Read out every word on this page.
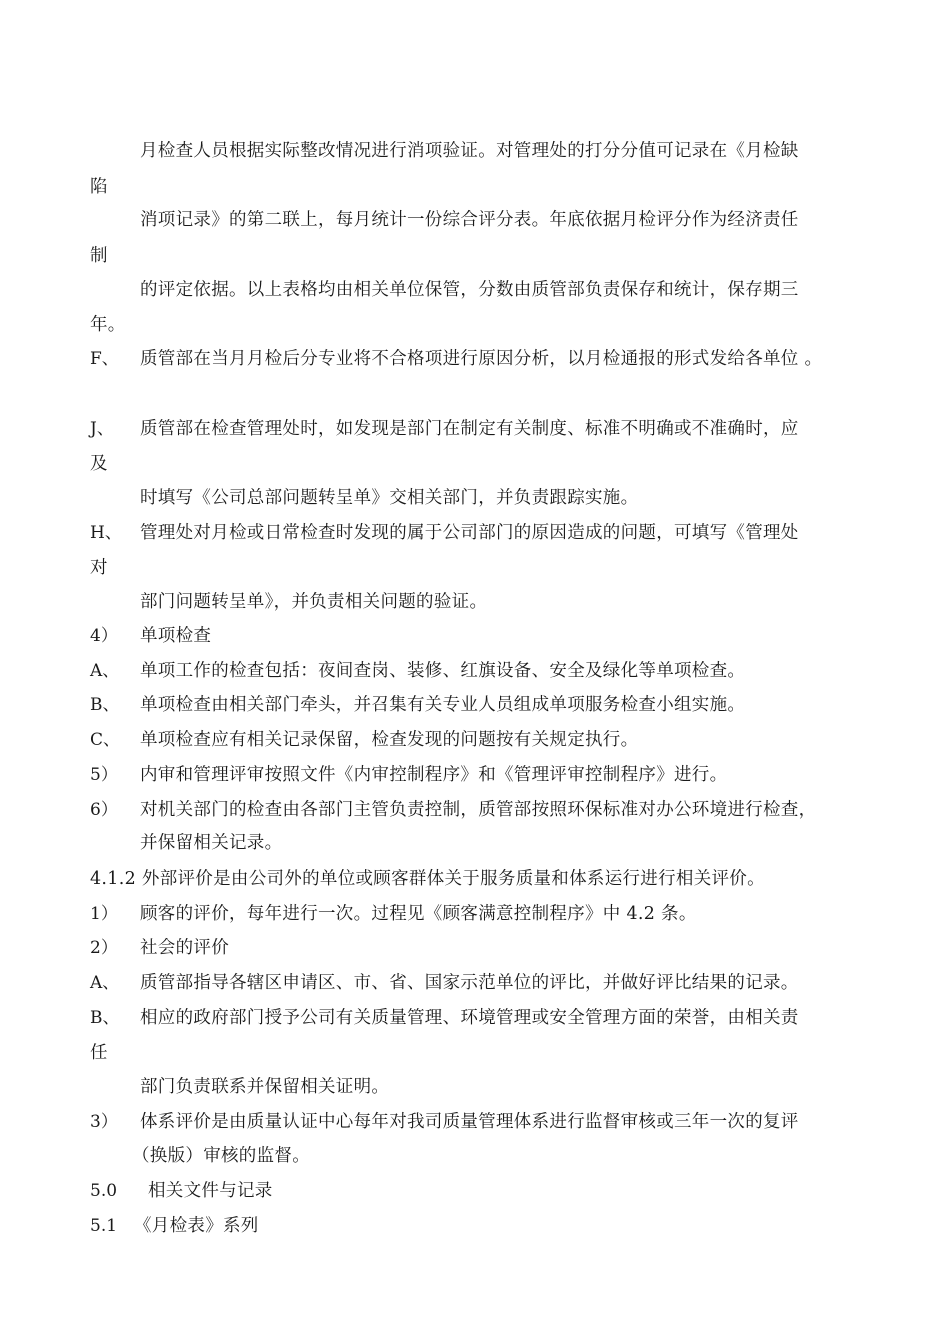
月检查人员根据实际整改情况进行消项验证。对管理处的打分分值可记录在《月检缺
陷
消项记录》的第二联上，每月统计一份综合评分表。年底依据月检评分作为经济责任
制
的评定依据。以上表格均由相关单位保管，分数由质管部负责保存和统计，保存期三
年。
F、 质管部在当月月检后分专业将不合格项进行原因分析，以月检通报的形式发给各单位 。
J、 质管部在检查管理处时，如发现是部门在制定有关制度、标准不明确或不准确时，应
及
时填写《公司总部问题转呈单》交相关部门，并负责跟踪实施。
H、 管理处对月检或日常检查时发现的属于公司部门的原因造成的问题，可填写《管理处
对
部门问题转呈单》，并负责相关问题的验证。
4） 单项检查
A、 单项工作的检查包括：夜间查岗、装修、红旗设备、安全及绿化等单项检查。
B、 单项检查由相关部门牵头，并召集有关专业人员组成单项服务检查小组实施。
C、 单项检查应有相关记录保留，检查发现的问题按有关规定执行。
5） 内审和管理评审按照文件《内审控制程序》和《管理评审控制程序》进行。
6） 对机关部门的检查由各部门主管负责控制，质管部按照环保标准对办公环境进行检查，
并保留相关记录。
4.1.2 外部评价是由公司外的单位或顾客群体关于服务质量和体系运行进行相关评价。
1） 顾客的评价，每年进行一次。过程见《顾客满意控制程序》中 4.2 条。
2） 社会的评价
A、 质管部指导各辖区申请区、市、省、国家示范单位的评比，并做好评比结果的记录。
B、 相应的政府部门授予公司有关质量管理、环境管理或安全管理方面的荣誉，由相关责
任
部门负责联系并保留相关证明。
3） 体系评价是由质量认证中心每年对我司质量管理体系进行监督审核或三年一次的复评
（换版）审核的监督。
5.0 相关文件与记录
5.1 《月检表》系列
